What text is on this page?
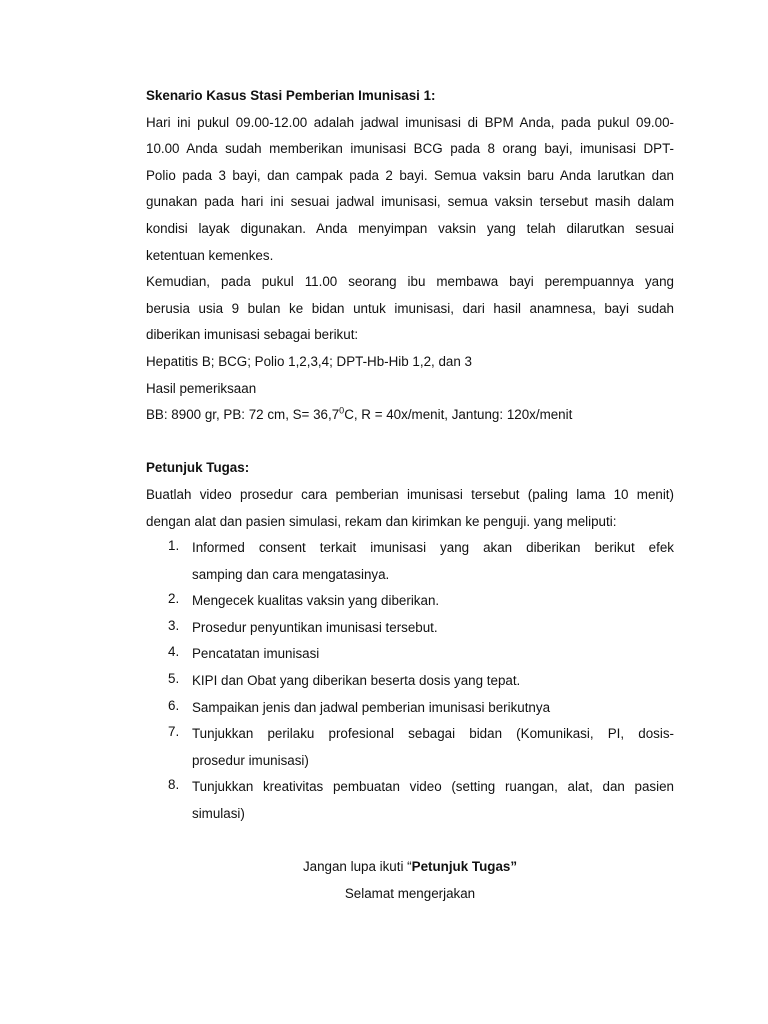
Skenario Kasus Stasi Pemberian Imunisasi 1:
Hari ini pukul 09.00-12.00 adalah jadwal imunisasi di BPM Anda, pada pukul 09.00-
10.00 Anda sudah memberikan imunisasi BCG pada 8 orang bayi, imunisasi DPT-
Polio pada 3 bayi, dan campak pada 2 bayi. Semua vaksin baru Anda larutkan dan
gunakan pada hari ini sesuai jadwal imunisasi, semua vaksin tersebut masih dalam
kondisi layak digunakan. Anda menyimpan vaksin yang telah dilarutkan sesuai
ketentuan kemenkes.
Kemudian, pada pukul 11.00 seorang ibu membawa bayi perempuannya yang
berusia usia 9 bulan ke bidan untuk imunisasi, dari hasil anamnesa, bayi sudah
diberikan imunisasi sebagai berikut:
Hepatitis B; BCG; Polio 1,2,3,4; DPT-Hb-Hib 1,2, dan 3
Hasil pemeriksaan
BB: 8900 gr, PB: 72 cm, $S= 36,7^0C$, R = 40x/menit, Jantung: 120x/menit
Petunjuk Tugas:
Buatlah video prosedur cara pemberian imunisasi tersebut (paling lama 10 menit)
dengan alat dan pasien simulasi, rekam dan kirimkan ke penguji. yang meliputi:
1. Informed consent terkait imunisasi yang akan diberikan berikut efek
samping dan cara mengatasinya.
2. Mengecek kualitas vaksin yang diberikan.
3. Prosedur penyuntikan imunisasi tersebut.
4. Pencatatan imunisasi
5. KIPI dan Obat yang diberikan beserta dosis yang tepat.
6. Sampaikan jenis dan jadwal pemberian imunisasi berikutnya
7. Tunjukkan perilaku profesional sebagai bidan (Komunikasi, PI, dosis-
prosedur imunisasi)
8. Tunjukkan kreativitas pembuatan video (setting ruangan, alat, dan pasien
simulasi)
Jangan lupa ikuti “Petunjuk Tugas”
Selamat mengerjakan
